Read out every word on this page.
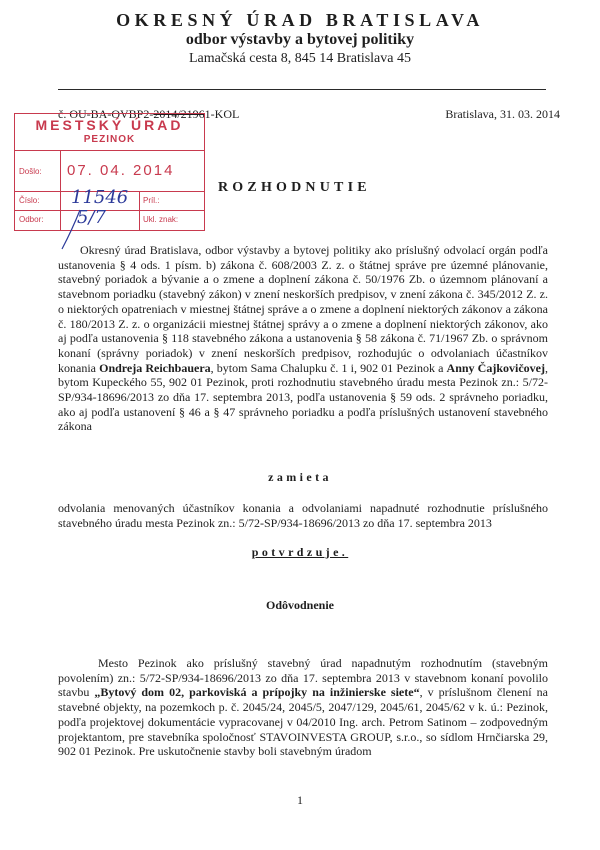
OKRESNÝ ÚRAD BRATISLAVA
odbor výstavby a bytovej politiky
Lamačská cesta 8, 845 14 Bratislava 45
č. OU-BA-OVBP2-2014/21961-KOL	Bratislava, 31. 03. 2014
MESTSKÝ ÚRAD
PEZINOK
Došlo: 07. 04. 2014
Číslo: 11546 Príl.:
Odbor: 5/7	Ukl. znak:
ROZHODNUTIE
Okresný úrad Bratislava, odbor výstavby a bytovej politiky ako príslušný odvolací orgán podľa ustanovenia § 4 ods. 1 písm. b) zákona č. 608/2003 Z. z. o štátnej správe pre územné plánovanie, stavebný poriadok a bývanie a o zmene a doplnení zákona č. 50/1976 Zb. o územnom plánovaní a stavebnom poriadku (stavebný zákon) v znení neskorších predpisov, v znení zákona č. 345/2012 Z. z. o niektorých opatreniach v miestnej štátnej správe a o zmene a doplnení niektorých zákonov a zákona č. 180/2013 Z. z. o organizácii miestnej štátnej správy a o zmene a doplnení niektorých zákonov, ako aj podľa ustanovenia § 118 stavebného zákona a ustanovenia § 58 zákona č. 71/1967 Zb. o správnom konaní (správny poriadok) v znení neskorších predpisov, rozhodujúc o odvolaniach účastníkov konania Ondreja Reichbauera, bytom Sama Chalupku č. 1 i, 902 01 Pezinok a Anny Čajkovičovej, bytom Kupeckého 55, 902 01 Pezinok, proti rozhodnutiu stavebného úradu mesta Pezinok zn.: 5/72-SP/934-18696/2013 zo dňa 17. septembra 2013, podľa ustanovenia § 59 ods. 2 správneho poriadku, ako aj podľa ustanovení § 46 a § 47 správneho poriadku a podľa príslušných ustanovení stavebného zákona
zamieta
odvolania menovaných účastníkov konania a odvolaniami napadnuté rozhodnutie príslušného stavebného úradu mesta Pezinok zn.: 5/72-SP/934-18696/2013 zo dňa 17. septembra 2013
potvrdzuje.
Odôvodnenie
Mesto Pezinok ako príslušný stavebný úrad napadnutým rozhodnutím (stavebným povolením) zn.: 5/72-SP/934-18696/2013 zo dňa 17. septembra 2013 v stavebnom konaní povolilo stavbu „Bytový dom 02, parkoviská a prípojky na inžinierske siete“, v príslušnom členení na stavebné objekty, na pozemkoch p. č. 2045/24, 2045/5, 2047/129, 2045/61, 2045/62 v k. ú.: Pezinok, podľa projektovej dokumentácie vypracovanej v 04/2010 Ing. arch. Petrom Satinom – zodpovedným projektantom, pre stavebníka spoločnosť STAVOINVESTA GROUP, s.r.o., so sídlom Hrnčiarska 29, 902 01 Pezinok. Pre uskutočnenie stavby boli stavebným úradom
1
